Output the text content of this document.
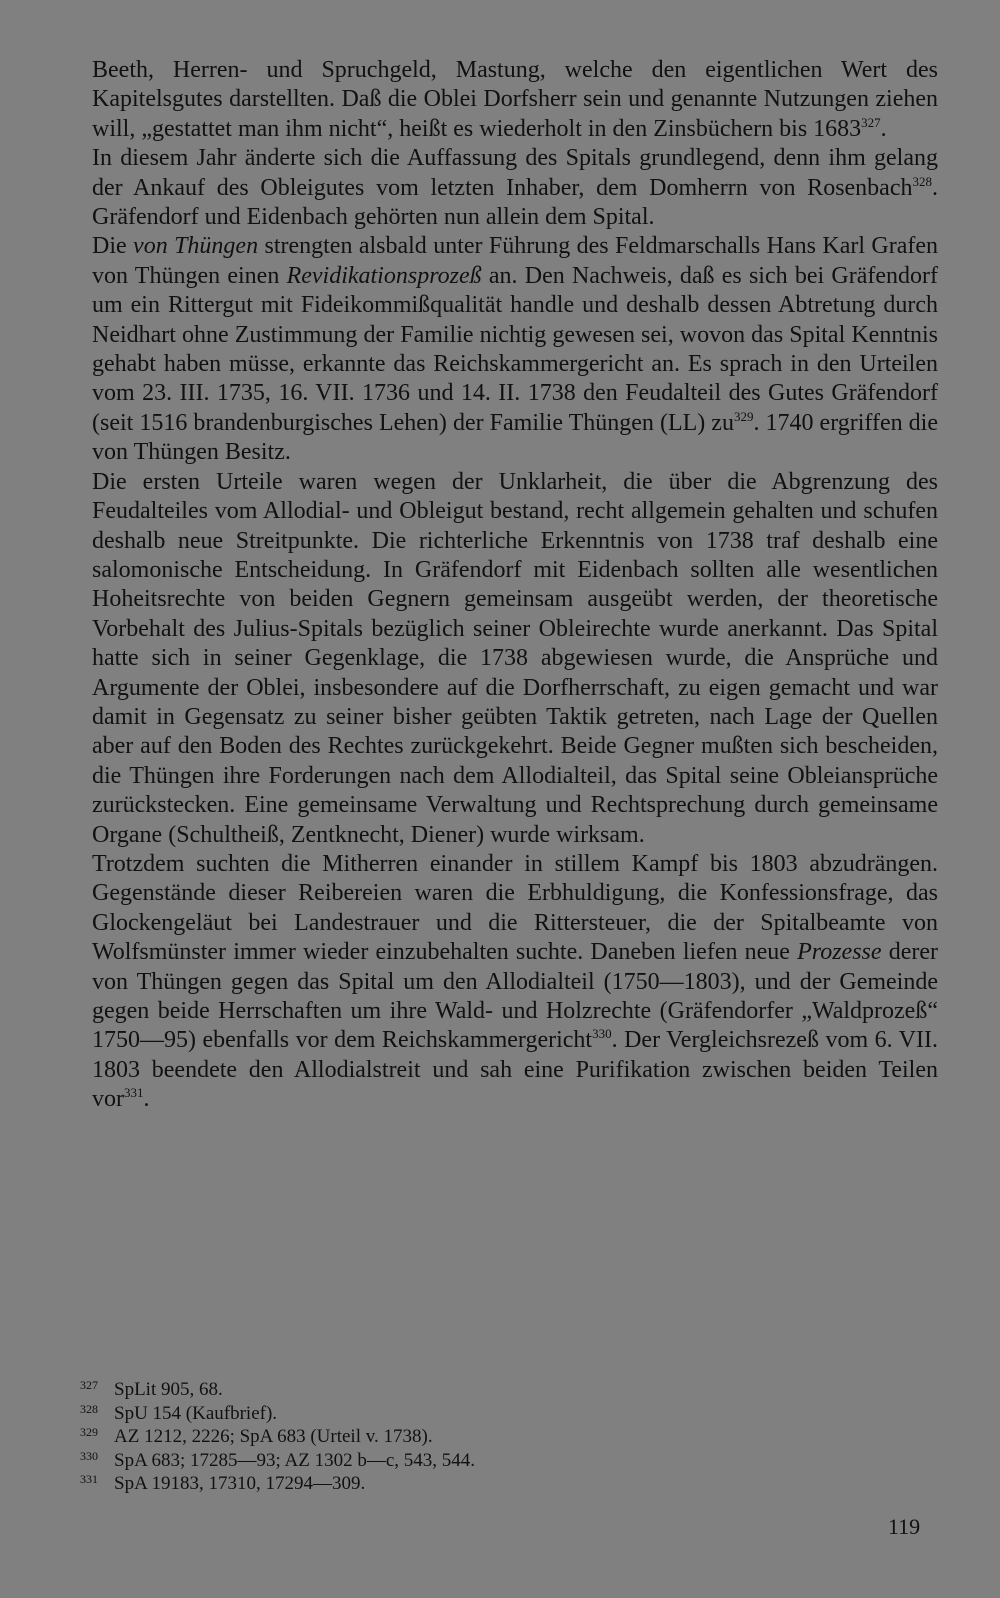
Beeth, Herren- und Spruchgeld, Mastung, welche den eigentlichen Wert des Kapitelsgutes darstellten. Daß die Oblei Dorfsherr sein und genannte Nutzungen ziehen will, „gestattet man ihm nicht“, heißt es wiederholt in den Zinsbüchern bis 1683$^{327}$.

In diesem Jahr änderte sich die Auffassung des Spitals grundlegend, denn ihm gelang der Ankauf des Obleigutes vom letzten Inhaber, dem Domherrn von Rosenbach$^{328}$. Gräfendorf und Eidenbach gehörten nun allein dem Spital.

Die von Thüngen strengten alsbald unter Führung des Feldmarschalls Hans Karl Grafen von Thüngen einen Revidikationsprozeß an. Den Nachweis, daß es sich bei Gräfendorf um ein Rittergut mit Fideikommißqualität handle und deshalb dessen Abtretung durch Neidhart ohne Zustimmung der Familie nichtig gewesen sei, wovon das Spital Kenntnis gehabt haben müsse, erkannte das Reichskammergericht an. Es sprach in den Urteilen vom 23. III. 1735, 16. VII. 1736 und 14. II. 1738 den Feudalteil des Gutes Gräfendorf (seit 1516 brandenburgisches Lehen) der Familie Thüngen (LL) $zu^{329}$. 1740 ergriffen die von Thüngen Besitz.

Die ersten Urteile waren wegen der Unklarheit, die über die Abgrenzung des Feudalteiles vom Allodial- und Obleigut bestand, recht allgemein gehalten und schufen deshalb neue Streitpunkte. Die richterliche Erkenntnis von 1738 traf deshalb eine salomonische Entscheidung. In Gräfendorf mit Eidenbach sollten alle wesentlichen Hoheitsrechte von beiden Gegnern gemeinsam ausgeübt werden, der theoretische Vorbehalt des Julius-Spitals bezüglich seiner Obleirechte wurde anerkannt. Das Spital hatte sich in seiner Gegenklage, die 1738 abgewiesen wurde, die Ansprüche und Argumente der Oblei, insbesondere auf die Dorfherrschaft, zu eigen gemacht und war damit in Gegensatz zu seiner bisher geübten Taktik getreten, nach Lage der Quellen aber auf den Boden des Rechtes zurückgekehrt. Beide Gegner mußten sich bescheiden, die Thüngen ihre Forderungen nach dem Allodialteil, das Spital seine Obleiansprüche zurückstecken. Eine gemeinsame Verwaltung und Rechtsprechung durch gemeinsame Organe (Schultheiß, Zentknecht, Diener) wurde wirksam.

Trotzdem suchten die Mitherren einander in stillem Kampf bis 1803 abzudrängen. Gegenstände dieser Reibereien waren die Erbhuldigung, die Konfessionsfrage, das Glockengeläut bei Landestrauer und die Rittersteuer, die der Spitalbeamte von Wolfsmünster immer wieder einzubehalten suchte. Daneben liefen neue Prozesse derer von Thüngen gegen das Spital um den Allodialteil (1750—1803), und der Gemeinde gegen beide Herrschaften um ihre Wald- und Holzrechte (Gräfendorfer „Waldprozeß“ 1750—95) ebenfalls vor dem Reichskammergericht$^{330}$. Der Vergleichsrezeß vom 6. VII. 1803 beendete den Allodialstreit und sah eine Purifikation zwischen beiden Teilen vor$^{331}$.

$^{327}$ SpLit 905, 68.
$^{328}$ SpU 154 (Kaufbrief).
$^{329}$ AZ 1212, 2226; SpA 683 (Urteil v. 1738).
$^{330}$ SpA 683; 17285—93; AZ 1302 b—c, 543, 544.
$^{331}$ SpA 19183, 17310, 17294—309.
119
